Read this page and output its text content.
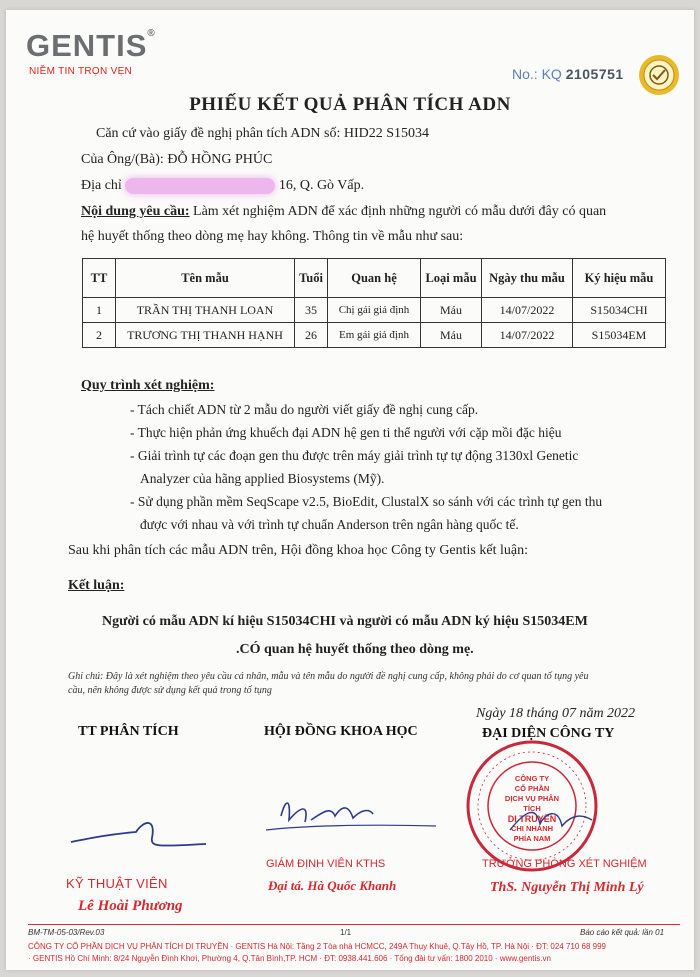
GENTIS®
NIỀM TIN TRỌN VẸN	No.: KQ 2105751
PHIẾU KẾT QUẢ PHÂN TÍCH ADN
Căn cứ vào giấy đề nghị phân tích ADN số: HID22 S15034
Của Ông/(Bà): ĐỖ HỒNG PHÚC
Địa chỉ	16, Q. Gò Vấp.
Nội dung yêu cầu: Làm xét nghiệm ADN để xác định những người có mẫu dưới đây có quan
hệ huyết thống theo dòng mẹ hay không. Thông tin về mẫu như sau:
TT	Tên mẫu	Tuổi	Quan hệ	Loại mẫu	Ngày thu mẫu	Ký hiệu mẫu
1	TRẦN THỊ THANH LOAN	35	Chị gái giả định	Máu	14/07/2022	S15034CHI
2	TRƯƠNG THỊ THANH HẠNH	26	Em gái giả định	Máu	14/07/2022	S15034EM
Quy trình xét nghiệm:
- Tách chiết ADN từ 2 mẫu do người viết giấy đề nghị cung cấp.
- Thực hiện phản ứng khuếch đại ADN hệ gen ti thể người với cặp mồi đặc hiệu
- Giải trình tự các đoạn gen thu được trên máy giải trình tự tự động 3130xl Genetic
Analyzer của hãng applied Biosystems (Mỹ).
- Sử dụng phần mềm SeqScape v2.5, BioEdit, ClustalX so sánh với các trình tự gen thu
được với nhau và với trình tự chuẩn Anderson trên ngân hàng quốc tế.
Sau khi phân tích các mẫu ADN trên, Hội đồng khoa học Công ty Gentis kết luận:
Kết luận:
Người có mẫu ADN kí hiệu S15034CHI và người có mẫu ADN ký hiệu S15034EM
.CÓ quan hệ huyết thống theo dòng mẹ.
Ghi chú: Đây là xét nghiệm theo yêu cầu cá nhân, mẫu và tên mẫu do người đề nghị cung cấp, không phải do cơ quan tố tụng yêu
cầu, nên không được sử dụng kết quả trong tố tụng
Ngày 18 tháng 07 năm 2022
TT PHÂN TÍCH	HỘI ĐỒNG KHOA HỌC	ĐẠI DIỆN CÔNG TY
CÔNG TY
CỔ PHẦN
DỊCH VỤ PHÂN TÍCH
DI TRUYỀN
CHI NHÁNH
PHÍA NAM
KỸ THUẬT VIÊN
Lê Hoài Phương
GIÁM ĐỊNH VIÊN KTHS
Đại tá. Hà Quốc Khanh
TRƯỞNG PHÒNG XÉT NGHIỆM
ThS. Nguyễn Thị Minh Lý
BM-TM-05-03/Rev.03	1/1	Báo cáo kết quả: lần 01
CÔNG TY CỔ PHẦN DỊCH VỤ PHÂN TÍCH DI TRUYỀN · GENTIS Hà Nội: Tầng 2 Tòa nhà HCMCC, 249A Thụy Khuê, Q.Tây Hồ, TP. Hà Nội · ĐT: 024 710 68 999
· GENTIS Hồ Chí Minh: 8/24 Nguyễn Đình Khơi, Phường 4, Q.Tân Bình,TP. HCM · ĐT: 0938.441.606 · Tổng đài tư vấn: 1800 2010 · www.gentis.vn
